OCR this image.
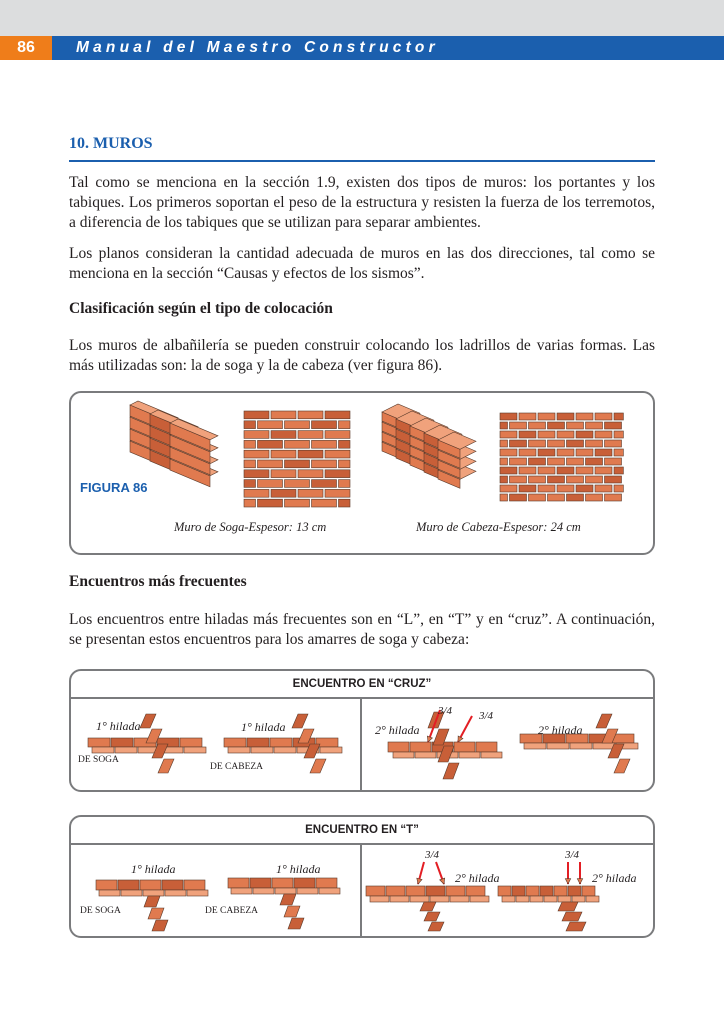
86	Manual del Maestro Constructor
10. MUROS

Tal como se menciona en la sección 1.9, existen dos tipos de muros: los portantes y los tabiques. Los primeros soportan el peso de la estructura y resisten la fuerza de los terremotos, a diferencia de los tabiques que se utilizan para separar ambientes.

Los planos consideran la cantidad adecuada de muros en las dos direcciones, tal como se menciona en la sección “Causas y efectos de los sismos”.

Clasificación según el tipo de colocación

Los muros de albañilería se pueden construir colocando los ladrillos de varias formas. Las más utilizadas son: la de soga y la de cabeza (ver figura 86).

FIGURA 86
Muro de Soga-Espesor: 13 cm	Muro de Cabeza-Espesor: 24 cm

Encuentros más frecuentes

Los encuentros entre hiladas más frecuentes son en “L”, en “T” y en “cruz”. A continuación, se presentan estos encuentros para los amarres de soga y cabeza:

ENCUENTRO EN “CRUZ”
1° hilada	1° hilada
DE SOGA
DE CABEZA
2° hilada	2° hilada
3/4 3/4
ENCUENTRO EN “T”
1° hilada	1° hilada
DE SOGA	DE CABEZA
2° hilada	2° hilada
3/4	3/4
